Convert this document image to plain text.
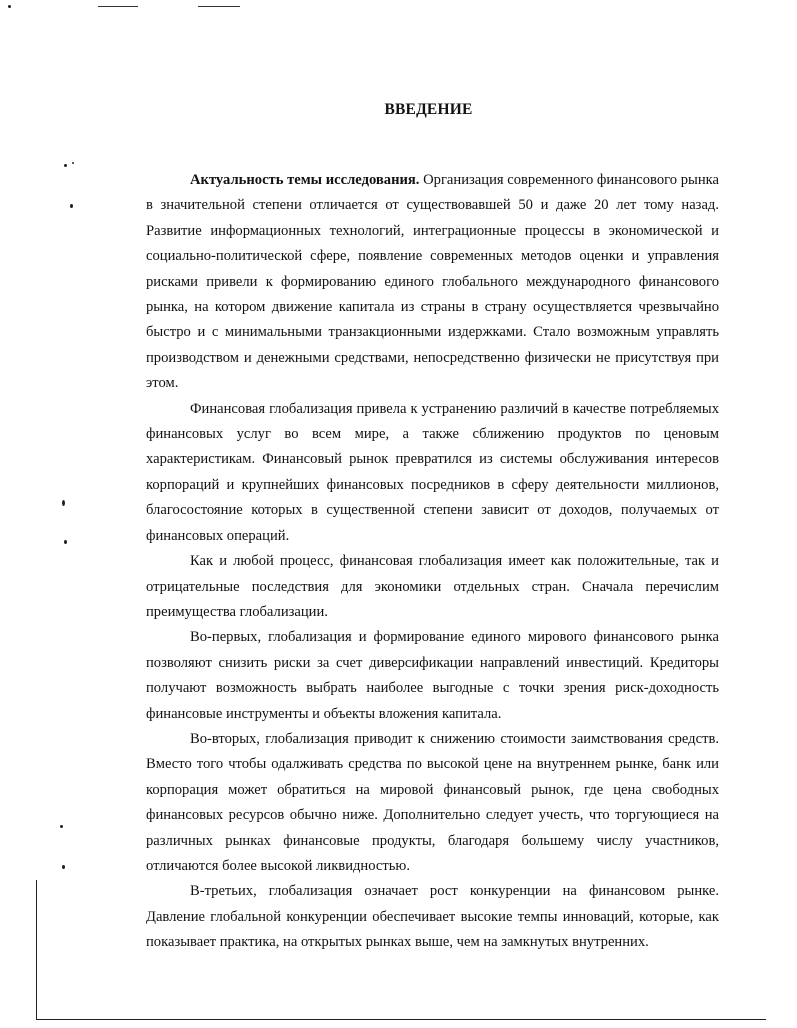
ВВЕДЕНИЕ

Актуальность темы исследования. Организация современного финансового рынка в значительной степени отличается от существовавшей 50 и даже 20 лет тому назад. Развитие информационных технологий, интеграционные процессы в экономической и социально-политической сфере, появление современных методов оценки и управления рисками привели к формированию единого глобального международного финансового рынка, на котором движение капитала из страны в страну осуществляется чрезвычайно быстро и с минимальными транзакционными издержками. Стало возможным управлять производством и денежными средствами, непосредственно физически не присутствуя при этом.

Финансовая глобализация привела к устранению различий в качестве потребляемых финансовых услуг во всем мире, а также сближению продуктов по ценовым характеристикам. Финансовый рынок превратился из системы обслуживания интересов корпораций и крупнейших финансовых посредников в сферу деятельности миллионов, благосостояние которых в существенной степени зависит от доходов, получаемых от финансовых операций.

Как и любой процесс, финансовая глобализация имеет как положительные, так и отрицательные последствия для экономики отдельных стран. Сначала перечислим преимущества глобализации.

Во-первых, глобализация и формирование единого мирового финансового рынка позволяют снизить риски за счет диверсификации направлений инвестиций. Кредиторы получают возможность выбрать наиболее выгодные с точки зрения риск-доходность финансовые инструменты и объекты вложения капитала.

Во-вторых, глобализация приводит к снижению стоимости заимствования средств. Вместо того чтобы одалживать средства по высокой цене на внутреннем рынке, банк или корпорация может обратиться на мировой финансовый рынок, где цена свободных финансовых ресурсов обычно ниже. Дополнительно следует учесть, что торгующиеся на различных рынках финансовые продукты, благодаря большему числу участников, отличаются более высокой ликвидностью.

В-третьих, глобализация означает рост конкуренции на финансовом рынке. Давление глобальной конкуренции обеспечивает высокие темпы инноваций, которые, как показывает практика, на открытых рынках выше, чем на замкнутых внутренних.
